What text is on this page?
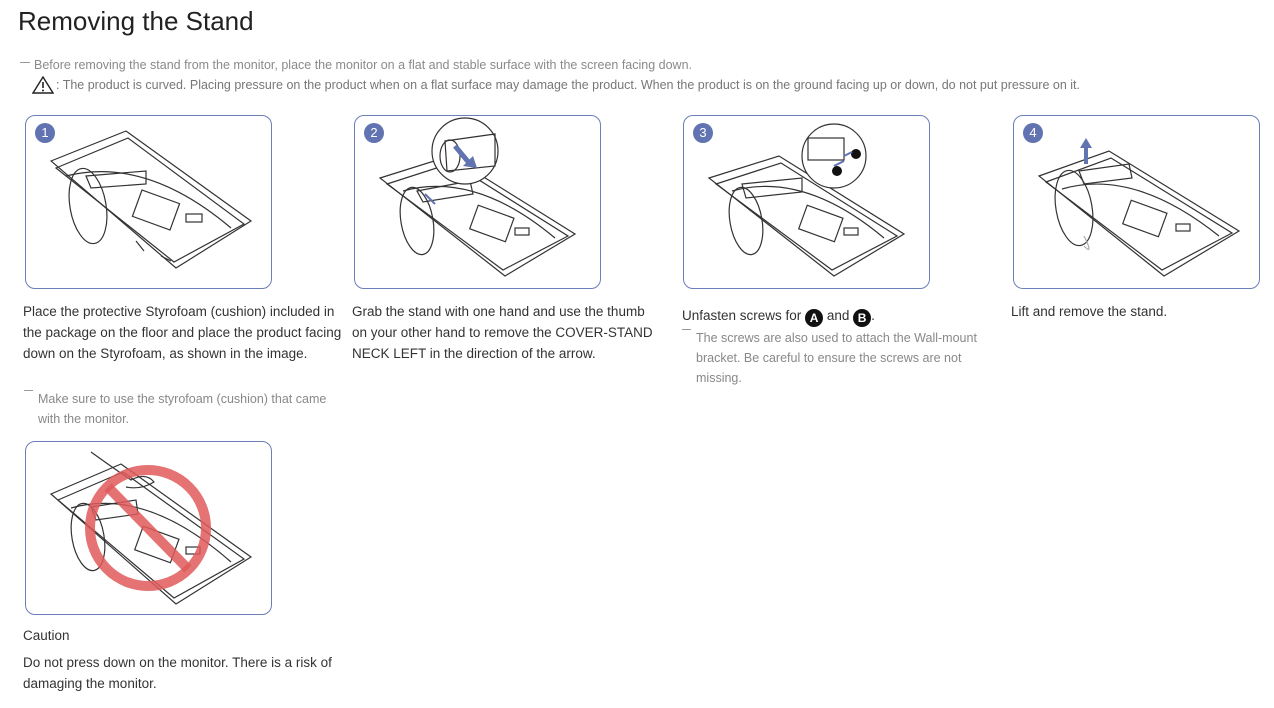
Removing the Stand
Before removing the stand from the monitor, place the monitor on a flat and stable surface with the screen facing down.
: The product is curved. Placing pressure on the product when on a flat surface may damage the product. When the product is on the ground facing up or down, do not put pressure on it.
1
Place the protective Styrofoam (cushion) included in the package on the floor and place the product facing down on the Styrofoam, as shown in the image.
Make sure to use the styrofoam (cushion) that came with the monitor.
2
Grab the stand with one hand and use the thumb on your other hand to remove the COVER-STAND NECK LEFT in the direction of the arrow.
3
Unfasten screws for A and B .
The screws are also used to attach the Wall-mount bracket. Be careful to ensure the screws are not missing.
4
Lift and remove the stand.
Caution
Do not press down on the monitor. There is a risk of damaging the monitor.
